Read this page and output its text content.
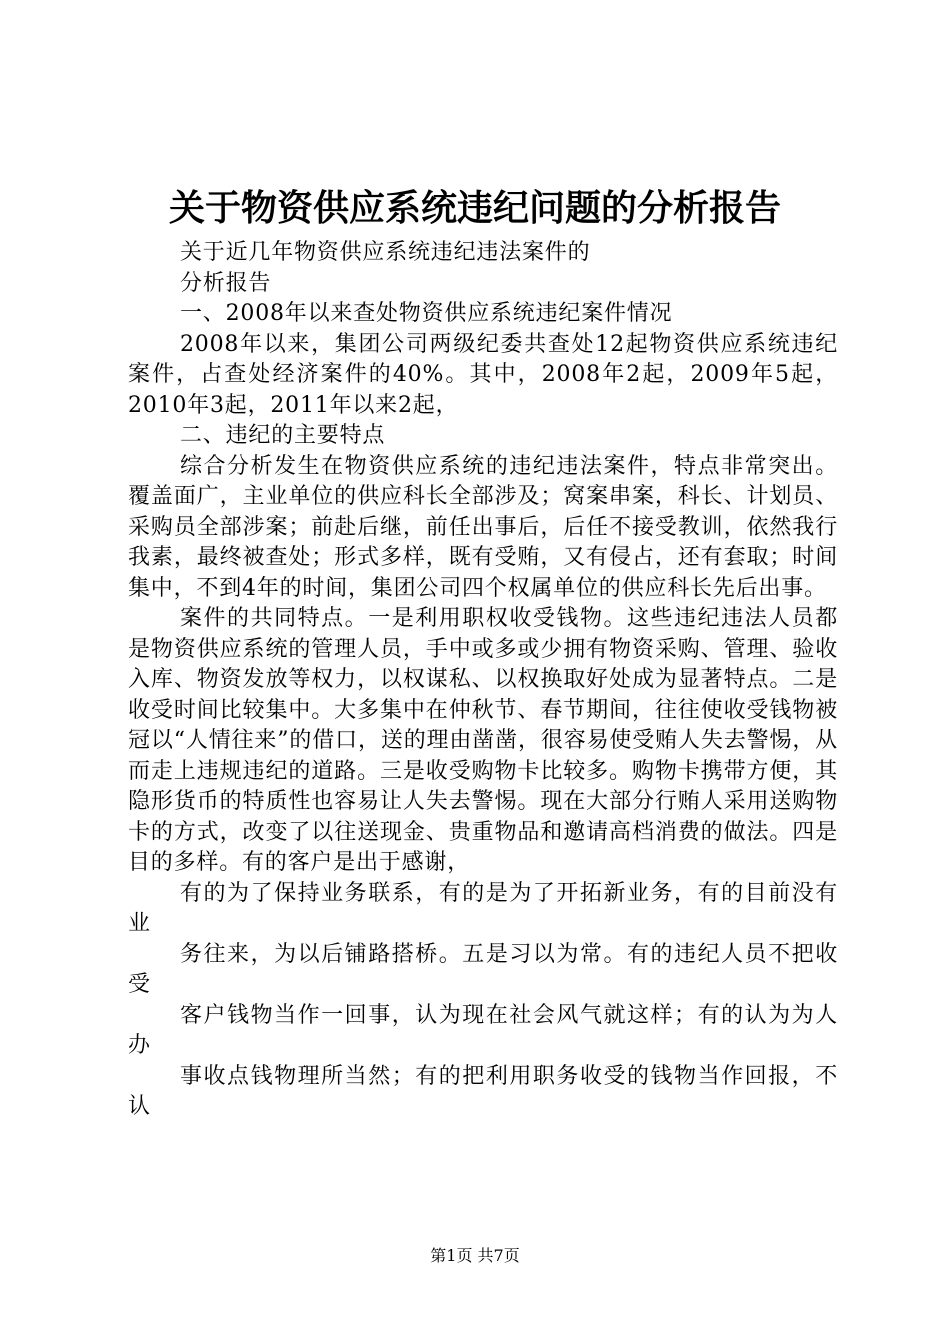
关于物资供应系统违纪问题的分析报告

关于近几年物资供应系统违纪违法案件的

分析报告

一、2008年以来查处物资供应系统违纪案件情况

2008年以来，集团公司两级纪委共查处12起物资供应系统违纪案件，占查处经济案件的40%。其中，2008年2起，2009年5起，2010年3起，2011年以来2起，

二、违纪的主要特点

综合分析发生在物资供应系统的违纪违法案件，特点非常突出。覆盖面广，主业单位的供应科长全部涉及；窝案串案，科长、计划员、采购员全部涉案；前赴后继，前任出事后，后任不接受教训，依然我行我素，最终被查处；形式多样，既有受贿，又有侵占，还有套取；时间集中，不到4年的时间，集团公司四个权属单位的供应科长先后出事。

案件的共同特点。一是利用职权收受钱物。这些违纪违法人员都是物资供应系统的管理人员，手中或多或少拥有物资采购、管理、验收入库、物资发放等权力，以权谋私、以权换取好处成为显著特点。二是收受时间比较集中。大多集中在仲秋节、春节期间，往往使收受钱物被冠以“人情往来”的借口，送的理由凿凿，很容易使受贿人失去警惕，从而走上违规违纪的道路。三是收受购物卡比较多。购物卡携带方便，其隐形货币的特质性也容易让人失去警惕。现在大部分行贿人采用送购物卡的方式，改变了以往送现金、贵重物品和邀请高档消费的做法。四是目的多样。有的客户是出于感谢，

有的为了保持业务联系，有的是为了开拓新业务，有的目前没有业

务往来，为以后铺路搭桥。五是习以为常。有的违纪人员不把收受

客户钱物当作一回事，认为现在社会风气就这样；有的认为为人办

事收点钱物理所当然；有的把利用职务收受的钱物当作回报，不认

第1页 共7页
